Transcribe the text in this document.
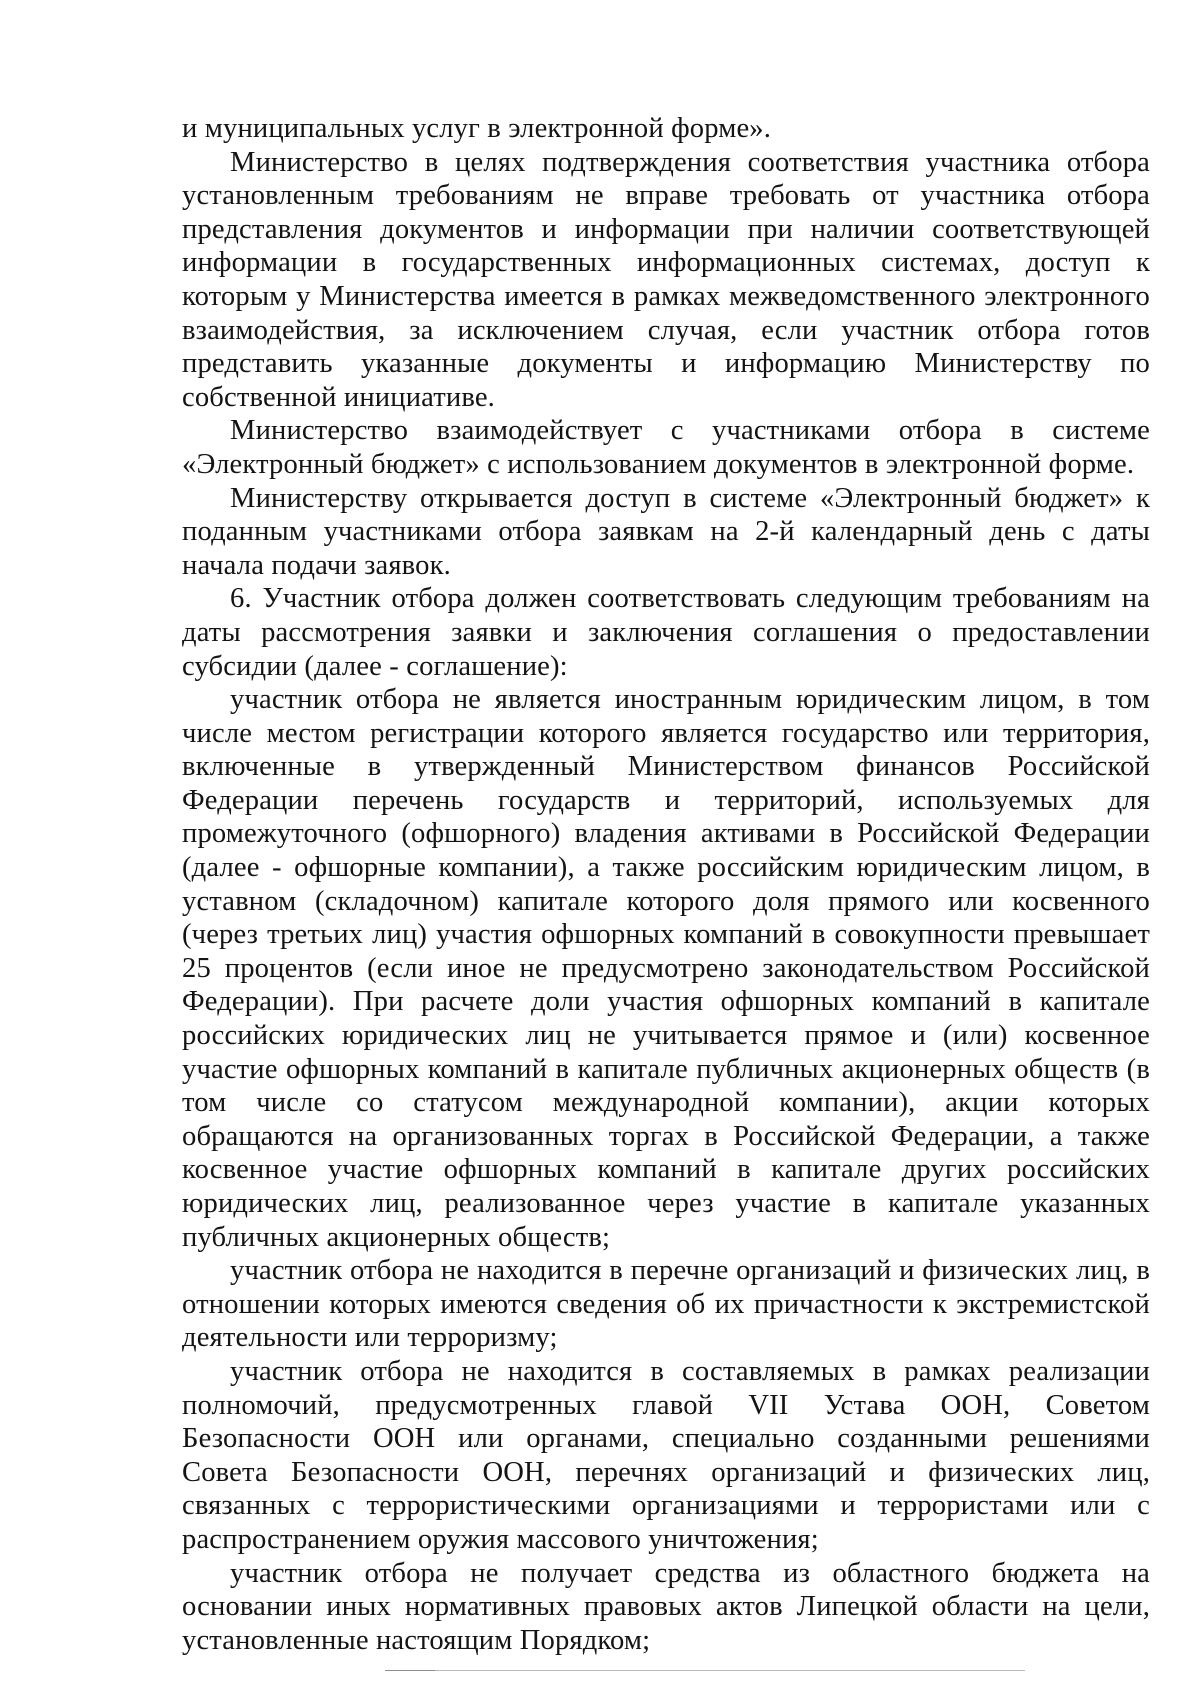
и муниципальных услуг в электронной форме».

Министерство в целях подтверждения соответствия участника отбора установленным требованиям не вправе требовать от участника отбора представления документов и информации при наличии соответствующей информации в государственных информационных системах, доступ к которым у Министерства имеется в рамках межведомственного электронного взаимодействия, за исключением случая, если участник отбора готов представить указанные документы и информацию Министерству по собственной инициативе.

Министерство взаимодействует с участниками отбора в системе «Электронный бюджет» с использованием документов в электронной форме.

Министерству открывается доступ в системе «Электронный бюджет» к поданным участниками отбора заявкам на 2-й календарный день с даты начала подачи заявок.

6. Участник отбора должен соответствовать следующим требованиям на даты рассмотрения заявки и заключения соглашения о предоставлении субсидии (далее - соглашение):

участник отбора не является иностранным юридическим лицом, в том числе местом регистрации которого является государство или территория, включенные в утвержденный Министерством финансов Российской Федерации перечень государств и территорий, используемых для промежуточного (офшорного) владения активами в Российской Федерации (далее - офшорные компании), а также российским юридическим лицом, в уставном (складочном) капитале которого доля прямого или косвенного (через третьих лиц) участия офшорных компаний в совокупности превышает 25 процентов (если иное не предусмотрено законодательством Российской Федерации). При расчете доли участия офшорных компаний в капитале российских юридических лиц не учитывается прямое и (или) косвенное участие офшорных компаний в капитале публичных акционерных обществ (в том числе со статусом международной компании), акции которых обращаются на организованных торгах в Российской Федерации, а также косвенное участие офшорных компаний в капитале других российских юридических лиц, реализованное через участие в капитале указанных публичных акционерных обществ;

участник отбора не находится в перечне организаций и физических лиц, в отношении которых имеются сведения об их причастности к экстремистской деятельности или терроризму;

участник отбора не находится в составляемых в рамках реализации полномочий, предусмотренных главой VII Устава ООН, Советом Безопасности ООН или органами, специально созданными решениями Совета Безопасности ООН, перечнях организаций и физических лиц, связанных с террористическими организациями и террористами или с распространением оружия массового уничтожения;

участник отбора не получает средства из областного бюджета на основании иных нормативных правовых актов Липецкой области на цели, установленные настоящим Порядком;
